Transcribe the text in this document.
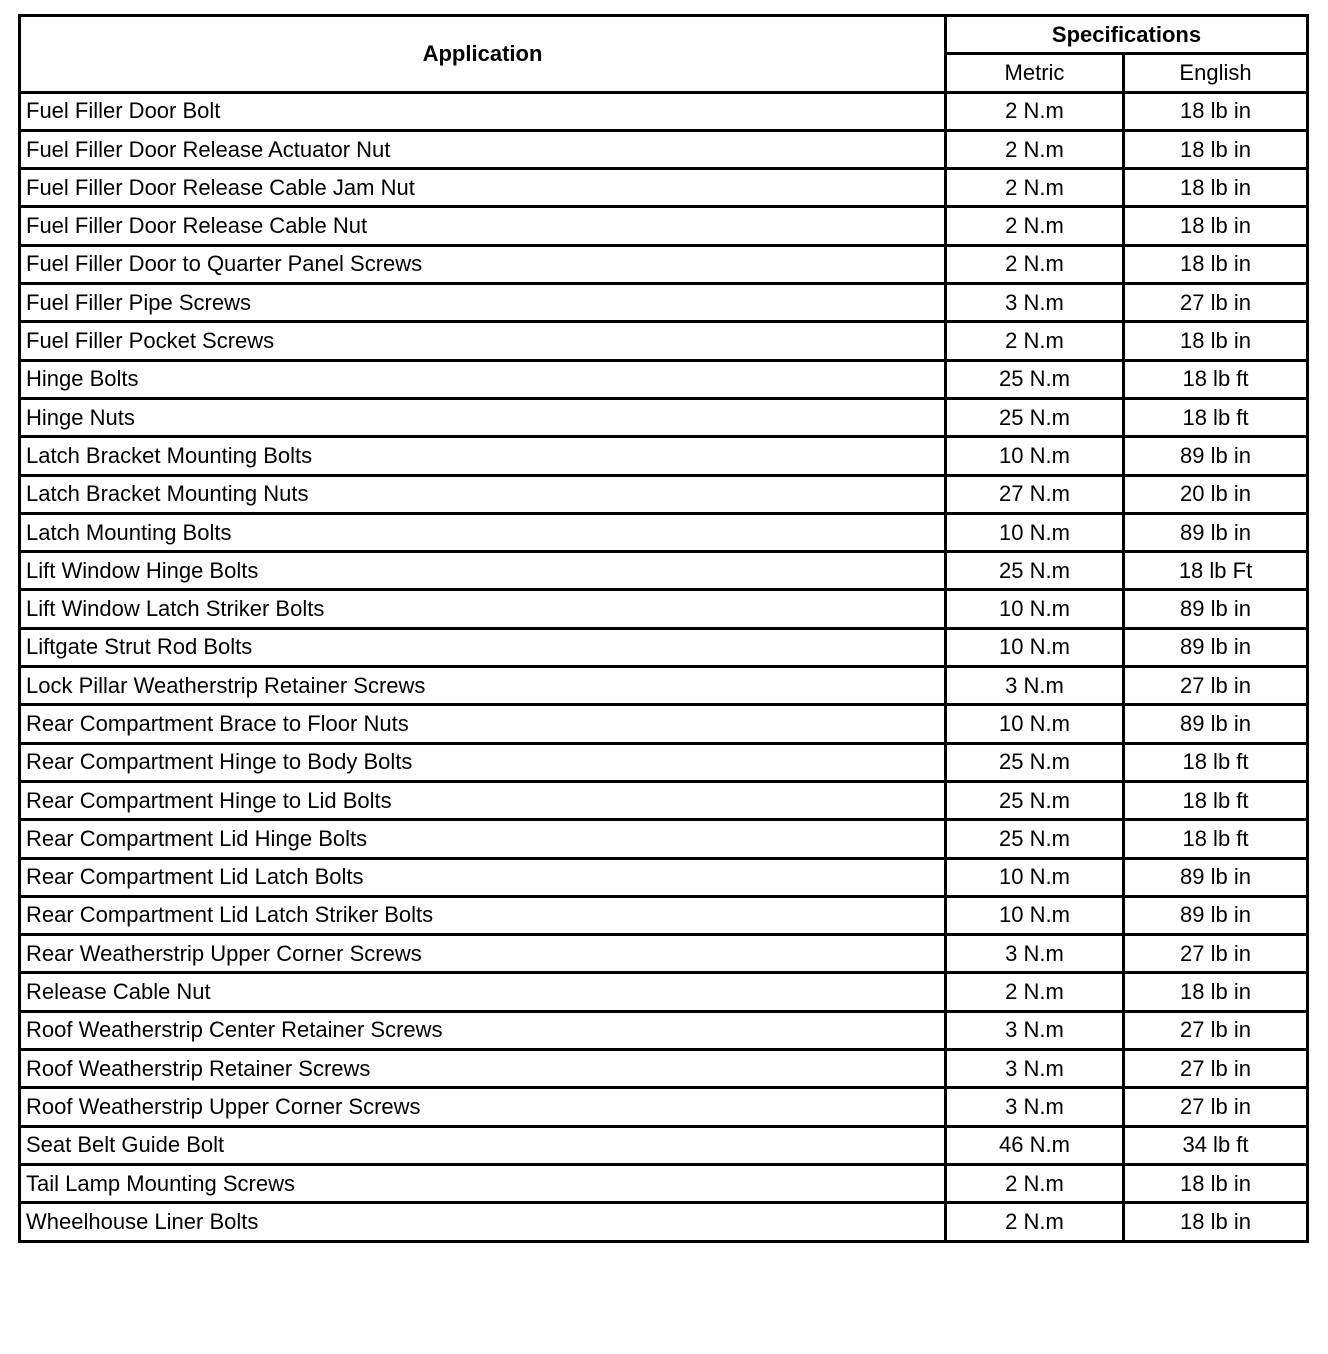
Application	Specifications	
	Metric	English
Fuel Filler Door Bolt	2 N.m	18 lb in
Fuel Filler Door Release Actuator Nut	2 N.m	18 lb in
Fuel Filler Door Release Cable Jam Nut	2 N.m	18 lb in
Fuel Filler Door Release Cable Nut	2 N.m	18 lb in
Fuel Filler Door to Quarter Panel Screws	2 N.m	18 lb in
Fuel Filler Pipe Screws	3 N.m	27 lb in
Fuel Filler Pocket Screws	2 N.m	18 lb in
Hinge Bolts	25 N.m	18 lb ft
Hinge Nuts	25 N.m	18 lb ft
Latch Bracket Mounting Bolts	10 N.m	89 lb in
Latch Bracket Mounting Nuts	27 N.m	20 lb in
Latch Mounting Bolts	10 N.m	89 lb in
Lift Window Hinge Bolts	25 N.m	18 lb Ft
Lift Window Latch Striker Bolts	10 N.m	89 lb in
Liftgate Strut Rod Bolts	10 N.m	89 lb in
Lock Pillar Weatherstrip Retainer Screws	3 N.m	27 lb in
Rear Compartment Brace to Floor Nuts	10 N.m	89 lb in
Rear Compartment Hinge to Body Bolts	25 N.m	18 lb ft
Rear Compartment Hinge to Lid Bolts	25 N.m	18 lb ft
Rear Compartment Lid Hinge Bolts	25 N.m	18 lb ft
Rear Compartment Lid Latch Bolts	10 N.m	89 lb in
Rear Compartment Lid Latch Striker Bolts	10 N.m	89 lb in
Rear Weatherstrip Upper Corner Screws	3 N.m	27 lb in
Release Cable Nut	2 N.m	18 lb in
Roof Weatherstrip Center Retainer Screws	3 N.m	27 lb in
Roof Weatherstrip Retainer Screws	3 N.m	27 lb in
Roof Weatherstrip Upper Corner Screws	3 N.m	27 lb in
Seat Belt Guide Bolt	46 N.m	34 lb ft
Tail Lamp Mounting Screws	2 N.m	18 lb in
Wheelhouse Liner Bolts	2 N.m	18 lb in
